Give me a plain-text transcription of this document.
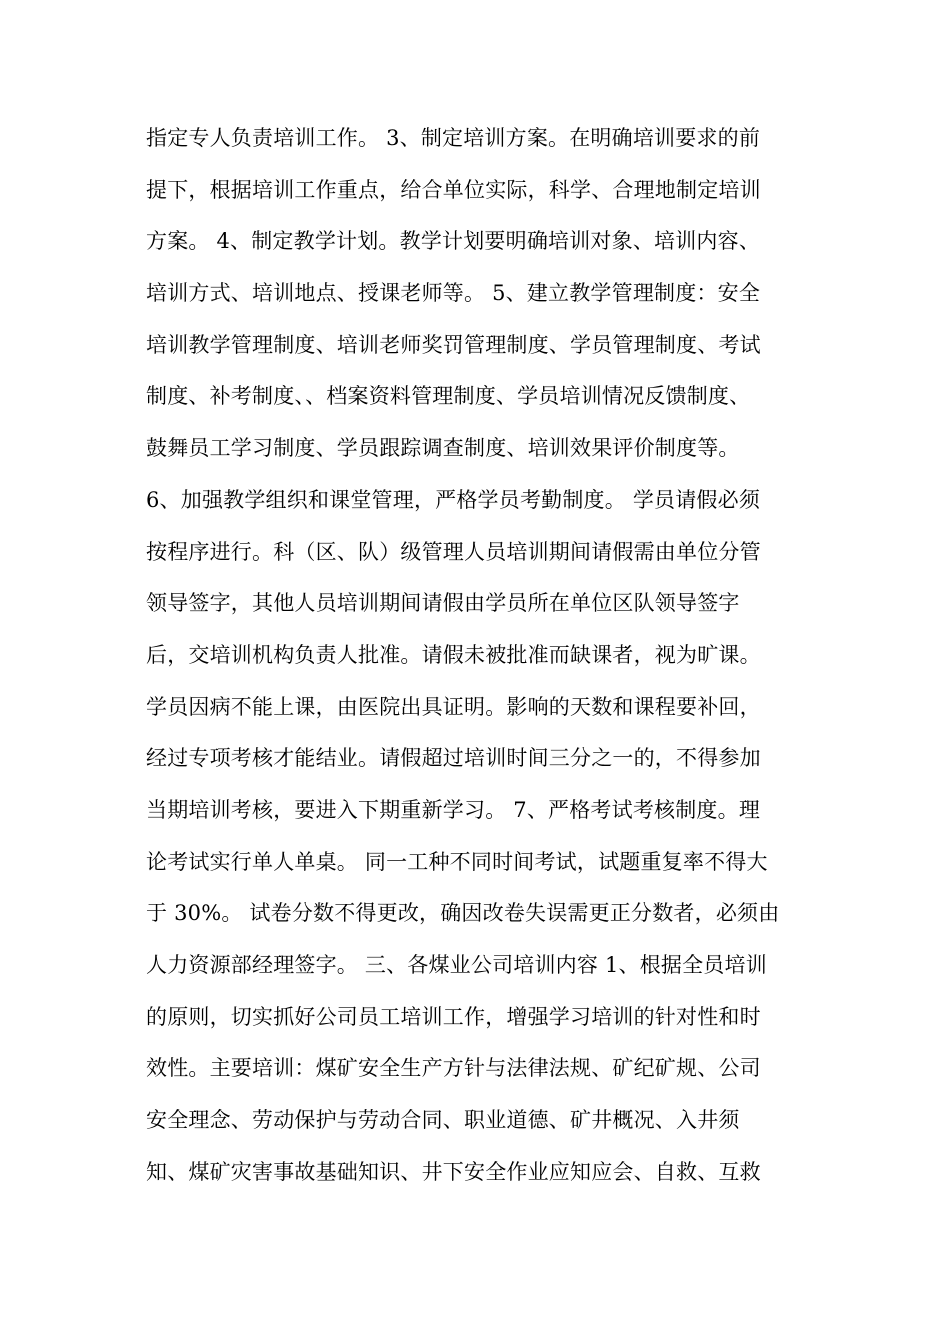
指定专人负责培训工作。 3、制定培训方案。在明确培训要求的前
提下，根据培训工作重点，给合单位实际，科学、合理地制定培训
方案。 4、制定教学计划。教学计划要明确培训对象、培训内容、
培训方式、培训地点、授课老师等。 5、建立教学管理制度：安全
培训教学管理制度、培训老师奖罚管理制度、学员管理制度、考试
制度、补考制度、、档案资料管理制度、学员培训情况反馈制度、
鼓舞员工学习制度、学员跟踪调查制度、培训效果评价制度等。
6、加强教学组织和课堂管理，严格学员考勤制度。 学员请假必须
按程序进行。科（区、队）级管理人员培训期间请假需由单位分管
领导签字，其他人员培训期间请假由学员所在单位区队领导签字
后，交培训机构负责人批准。请假未被批准而缺课者，视为旷课。
学员因病不能上课，由医院出具证明。影响的天数和课程要补回，
经过专项考核才能结业。请假超过培训时间三分之一的，不得参加
当期培训考核，要进入下期重新学习。 7、严格考试考核制度。理
论考试实行单人单桌。 同一工种不同时间考试，试题重复率不得大
于 30%。 试卷分数不得更改，确因改卷失误需更正分数者，必须由
人力资源部经理签字。 三、各煤业公司培训内容 1、根据全员培训
的原则，切实抓好公司员工培训工作，增强学习培训的针对性和时
效性。主要培训：煤矿安全生产方针与法律法规、矿纪矿规、公司
安全理念、劳动保护与劳动合同、职业道德、矿井概况、入井须
知、煤矿灾害事故基础知识、井下安全作业应知应会、自救、互救
